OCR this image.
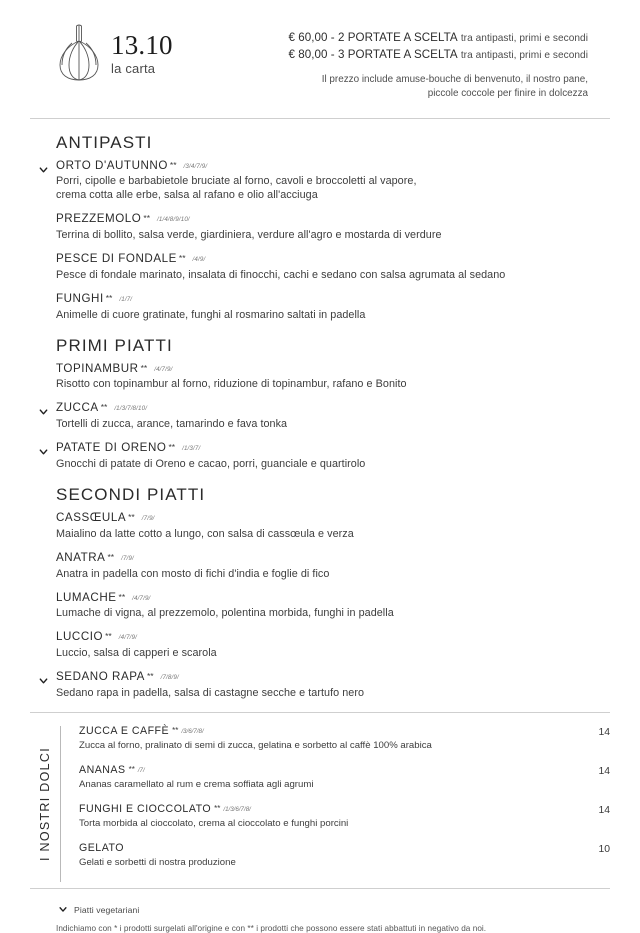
13.10
la carta
€ 60,00 - 2 PORTATE A SCELTA tra antipasti, primi e secondi
€ 80,00 - 3 PORTATE A SCELTA tra antipasti, primi e secondi
Il prezzo include amuse-bouche di benvenuto, il nostro pane,
piccole coccole per finire in dolcezza
ANTIPASTI
ORTO D'AUTUNNO ** /3/4/7/9/
Porri, cipolle e barbabietole bruciate al forno, cavoli e broccoletti al vapore,
crema cotta alle erbe, salsa al rafano e olio all'acciuga
PREZZEMOLO ** /1/4/8/9/10/
Terrina di bollito, salsa verde, giardiniera, verdure all'agro e mostarda di verdure
PESCE DI FONDALE ** /4/9/
Pesce di fondale marinato, insalata di finocchi, cachi e sedano con salsa agrumata al sedano
FUNGHI ** /1/7/
Animelle di cuore gratinate, funghi al rosmarino saltati in padella
PRIMI PIATTI
TOPINAMBUR ** /4/7/9/
Risotto con topinambur al forno, riduzione di topinambur, rafano e Bonito
ZUCCA ** /1/3/7/8/10/
Tortelli di zucca, arance, tamarindo e fava tonka
PATATE DI ORENO ** /1/3/7/
Gnocchi di patate di Oreno e cacao, porri, guanciale e quartirolo
SECONDI PIATTI
CASSŒULA ** /7/9/
Maialino da latte cotto a lungo, con salsa di cassœula e verza
ANATRA ** /7/9/
Anatra in padella con mosto di fichi d'india e foglie di fico
LUMACHE ** /4/7/9/
Lumache di vigna, al prezzemolo, polentina morbida, funghi in padella
LUCCIO ** /4/7/9/
Luccio, salsa di capperi e scarola
SEDANO RAPA ** /7/8/9/
Sedano rapa in padella, salsa di castagne secche e tartufo nero
I NOSTRI DOLCI
ZUCCA E CAFFÈ ** /3/6/7/8/
Zucca al forno, pralinato di semi di zucca, gelatina e sorbetto al caffè 100% arabica
14
ANANAS ** /7/
Ananas caramellato al rum e crema soffiata agli agrumi
14
FUNGHI E CIOCCOLATO ** /1/3/6/7/8/
Torta morbida al cioccolato, crema al cioccolato e funghi porcini
14
GELATO
Gelati e sorbetti di nostra produzione
10
Piatti vegetariani
Indichiamo con * i prodotti surgelati all'origine e con ** i prodotti che possono essere stati abbattuti in negativo da noi.
